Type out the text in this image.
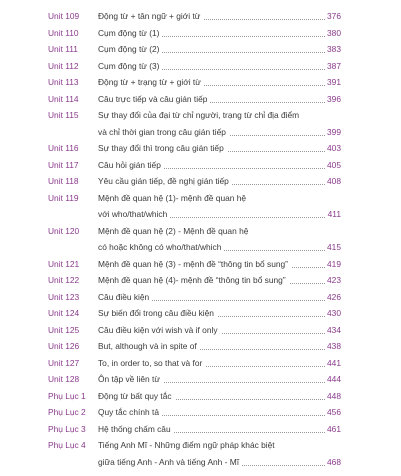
Unit 109 Động từ + tân ngữ + giới từ	376
Unit 110 Cụm động từ (1)	380
Unit 111 Cụm động từ (2)	383
Unit 112 Cụm động từ (3)	387
Unit 113 Động từ + trạng từ + giới từ	391
Unit 114 Câu trực tiếp và câu gián tiếp	396
Unit 115 Sự thay đổi của đại từ chỉ người, trạng từ chỉ địa điểm
và chỉ thời gian trong câu gián tiếp	399
Unit 116 Sự thay đổi thì trong câu gián tiếp	403
Unit 117 Câu hỏi gián tiếp	405
Unit 118 Yêu cầu gián tiếp, đề nghị gián tiếp	408
Unit 119 Mệnh đề quan hệ (1)- mệnh đề quan hệ
với who/that/which	411
Unit 120 Mệnh đề quan hệ (2) - Mệnh đề quan hệ
có hoặc không có who/that/which	415
Unit 121 Mệnh đề quan hệ (3) - mệnh đề “thông tin bổ sung”	419
Unit 122 Mệnh đề quan hệ (4)- mệnh đề “thông tin bổ sung”	423
Unit 123 Câu điều kiện	426
Unit 124 Sự biến đổi trong câu điều kiện	430
Unit 125 Câu điều kiện với wish và if only	434
Unit 126 But, although và in spite of	438
Unit 127 To, in order to, so that và for	441
Unit 128 Ôn tập về liên từ	444
Phụ Lục 1 Động từ bất quy tắc	448
Phụ Lục 2 Quy tắc chính tả	456
Phụ Lục 3 Hệ thống chấm câu	461
Phụ Lục 4 Tiếng Anh Mĩ - Những điểm ngữ pháp khác biệt
giữa tiếng Anh - Anh và tiếng Anh - Mĩ	468
